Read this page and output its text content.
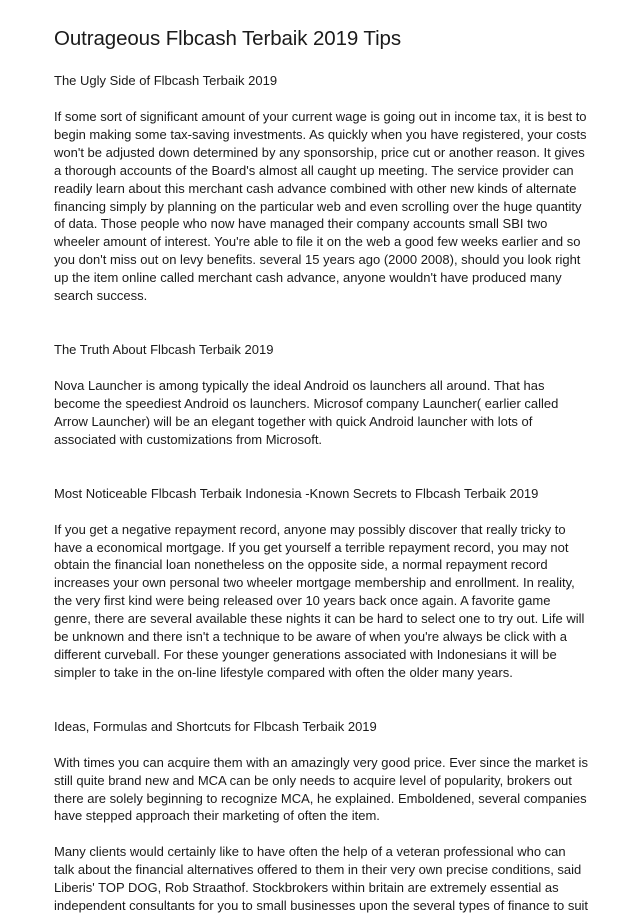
Outrageous Flbcash Terbaik 2019 Tips

The Ugly Side of Flbcash Terbaik 2019

If some sort of significant amount of your current wage is going out in income tax, it is best to begin making some tax-saving investments. As quickly when you have registered, your costs won't be adjusted down determined by any sponsorship, price cut or another reason. It gives a thorough accounts of the Board's almost all caught up meeting. The service provider can readily learn about this merchant cash advance combined with other new kinds of alternate financing simply by planning on the particular web and even scrolling over the huge quantity of data. Those people who now have managed their company accounts small SBI two wheeler amount of interest. You're able to file it on the web a good few weeks earlier and so you don't miss out on levy benefits. several 15 years ago (2000 2008), should you look right up the item online called merchant cash advance, anyone wouldn't have produced many search success.

The Truth About Flbcash Terbaik 2019

Nova Launcher is among typically the ideal Android os launchers all around. That has become the speediest Android os launchers. Microsof company Launcher( earlier called Arrow Launcher) will be an elegant together with quick Android launcher with lots of associated with customizations from Microsoft.

Most Noticeable Flbcash Terbaik Indonesia -Known Secrets to Flbcash Terbaik 2019

If you get a negative repayment record, anyone may possibly discover that really tricky to have a economical mortgage. If you get yourself a terrible repayment record, you may not obtain the financial loan nonetheless on the opposite side, a normal repayment record increases your own personal two wheeler mortgage membership and enrollment. In reality, the very first kind were being released over 10 years back once again. A favorite game genre, there are several available these nights it can be hard to select one to try out. Life will be unknown and there isn't a technique to be aware of when you're always be click with a different curveball. For these younger generations associated with Indonesians it will be simpler to take in the on-line lifestyle compared with often the older many years.

Ideas, Formulas and Shortcuts for Flbcash Terbaik 2019

With times you can acquire them with an amazingly very good price. Ever since the market is still quite brand new and MCA can be only needs to acquire level of popularity, brokers out there are solely beginning to recognize MCA, he explained. Emboldened, several companies have stepped approach their marketing of often the item.

Many clients would certainly like to have often the help of a veteran professional who can talk about the financial alternatives offered to them in their very own precise conditions, said Liberis' TOP DOG, Rob Straathof. Stockbrokers within britain are extremely essential as independent consultants for you to small businesses upon the several types of finance to suit
